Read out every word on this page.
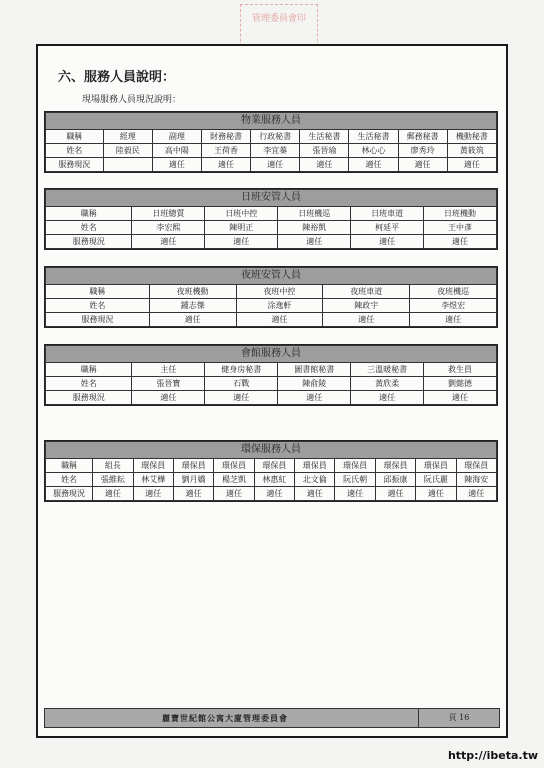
管理委員會印
六、服務人員說明：
現場服務人員現況說明：
物業服務人員								
職稱	經理	副理	財務秘書	行政秘書	生活秘書	生活秘書	郵務秘書	機動秘書
姓名	陸毅民	高中陽	王荷香	李宜蓁	張晉瑜	林心心	廖秀玲	黃筱筑
服務現況		適任	適任	適任	適任	適任	適任	適任
日班安管人員					
職稱	日班總質	日班中控	日班機巡	日班車道	日班機動
姓名	李宏熙	陳明正	陳裕凱	柯延平	王中彥
服務現況	適任	適任	適任	適任	適任
夜班安管人員				
職稱	夜班機動	夜班中控	夜班車道	夜班機巡
姓名	鍾志傑	涂逸軒	陳政宇	李煜宏
服務現況	適任	適任	適任	適任
會館服務人員					
職稱	主任	健身房秘書	圖書館秘書	三溫暖秘書	救生員
姓名	張晉寶	石戰	陳俞陵	黃欣柔	劉懿德
服務現況	適任	適任	適任	適任	適任
環保服務人員										
職稱	組長	環保員	環保員	環保員	環保員	環保員	環保員	環保員	環保員	環保員
姓名	張維耘	林艾樺	劉月嬌	楊芝凱	林惠紅	北文倫	阮氏朝	邱振康	阮氏麗	陳海安
服務現況	適任	適任	適任	適任	適任	適任	適任	適任	適任	適任
麗寶世紀館公寓大廈管理委員會	頁 16
http://ibeta.tw
